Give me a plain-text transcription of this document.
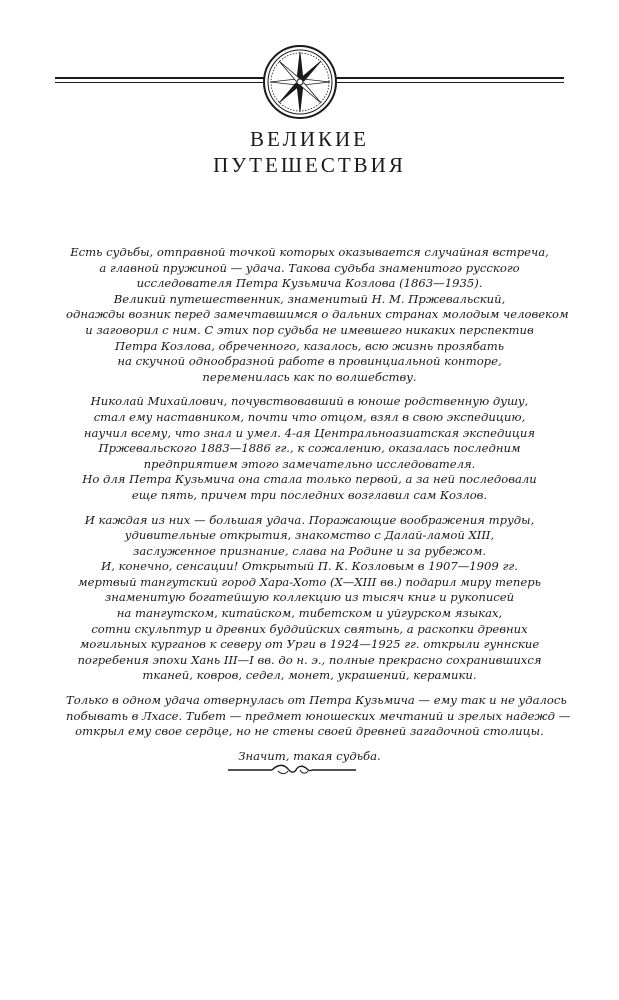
ВЕЛИКИЕ
ПУТЕШЕСТВИЯ

Есть судьбы, отправной точкой которых оказывается случайная встреча,
а главной пружиной — удача. Такова судьба знаменитого русского
исследователя Петра Кузьмича Козлова (1863—1935).
Великий путешественник, знаменитый Н. М. Пржевальский,
однажды возник перед замечтавшимся о дальних странах молодым человеком
и заговорил с ним. С этих пор судьба не имевшего никаких перспектив
Петра Козлова, обреченного, казалось, всю жизнь прозябать
на скучной однообразной работе в провинциальной конторе,
переменилась как по волшебству.

Николай Михайлович, почувствовавший в юноше родственную душу,
стал ему наставником, почти что отцом, взял в свою экспедицию,
научил всему, что знал и умел. 4-ая Центральноазиатская экспедиция
Пржевальского 1883—1886 гг., к сожалению, оказалась последним
предприятием этого замечательно исследователя.
Но для Петра Кузьмича она стала только первой, а за ней последовали
еще пять, причем три последних возглавил сам Козлов.

И каждая из них — большая удача. Поражающие воображения труды,
удивительные открытия, знакомство с Далай-ламой XIII,
заслуженное признание, слава на Родине и за рубежом.
И, конечно, сенсации! Открытый П. К. Козловым в 1907—1909 гг.
мертвый тангутский город Хара-Хото (X—XIII вв.) подарил миру теперь
знаменитую богатейшую коллекцию из тысяч книг и рукописей
на тангутском, китайском, тибетском и уйгурском языках,
сотни скульптур и древних буддийских святынь, а раскопки древних
могильных курганов к северу от Урги в 1924—1925 гг. открыли гуннские
погребения эпохи Хань III—I вв. до н. э., полные прекрасно сохранившихся
тканей, ковров, седел, монет, украшений, керамики.

Только в одном удача отвернулась от Петра Кузьмича — ему так и не удалось
побывать в Лхасе. Тибет — предмет юношеских мечтаний и зрелых надежд —
открыл ему свое сердце, но не стены своей древней загадочной столицы.

Значит, такая судьба.
